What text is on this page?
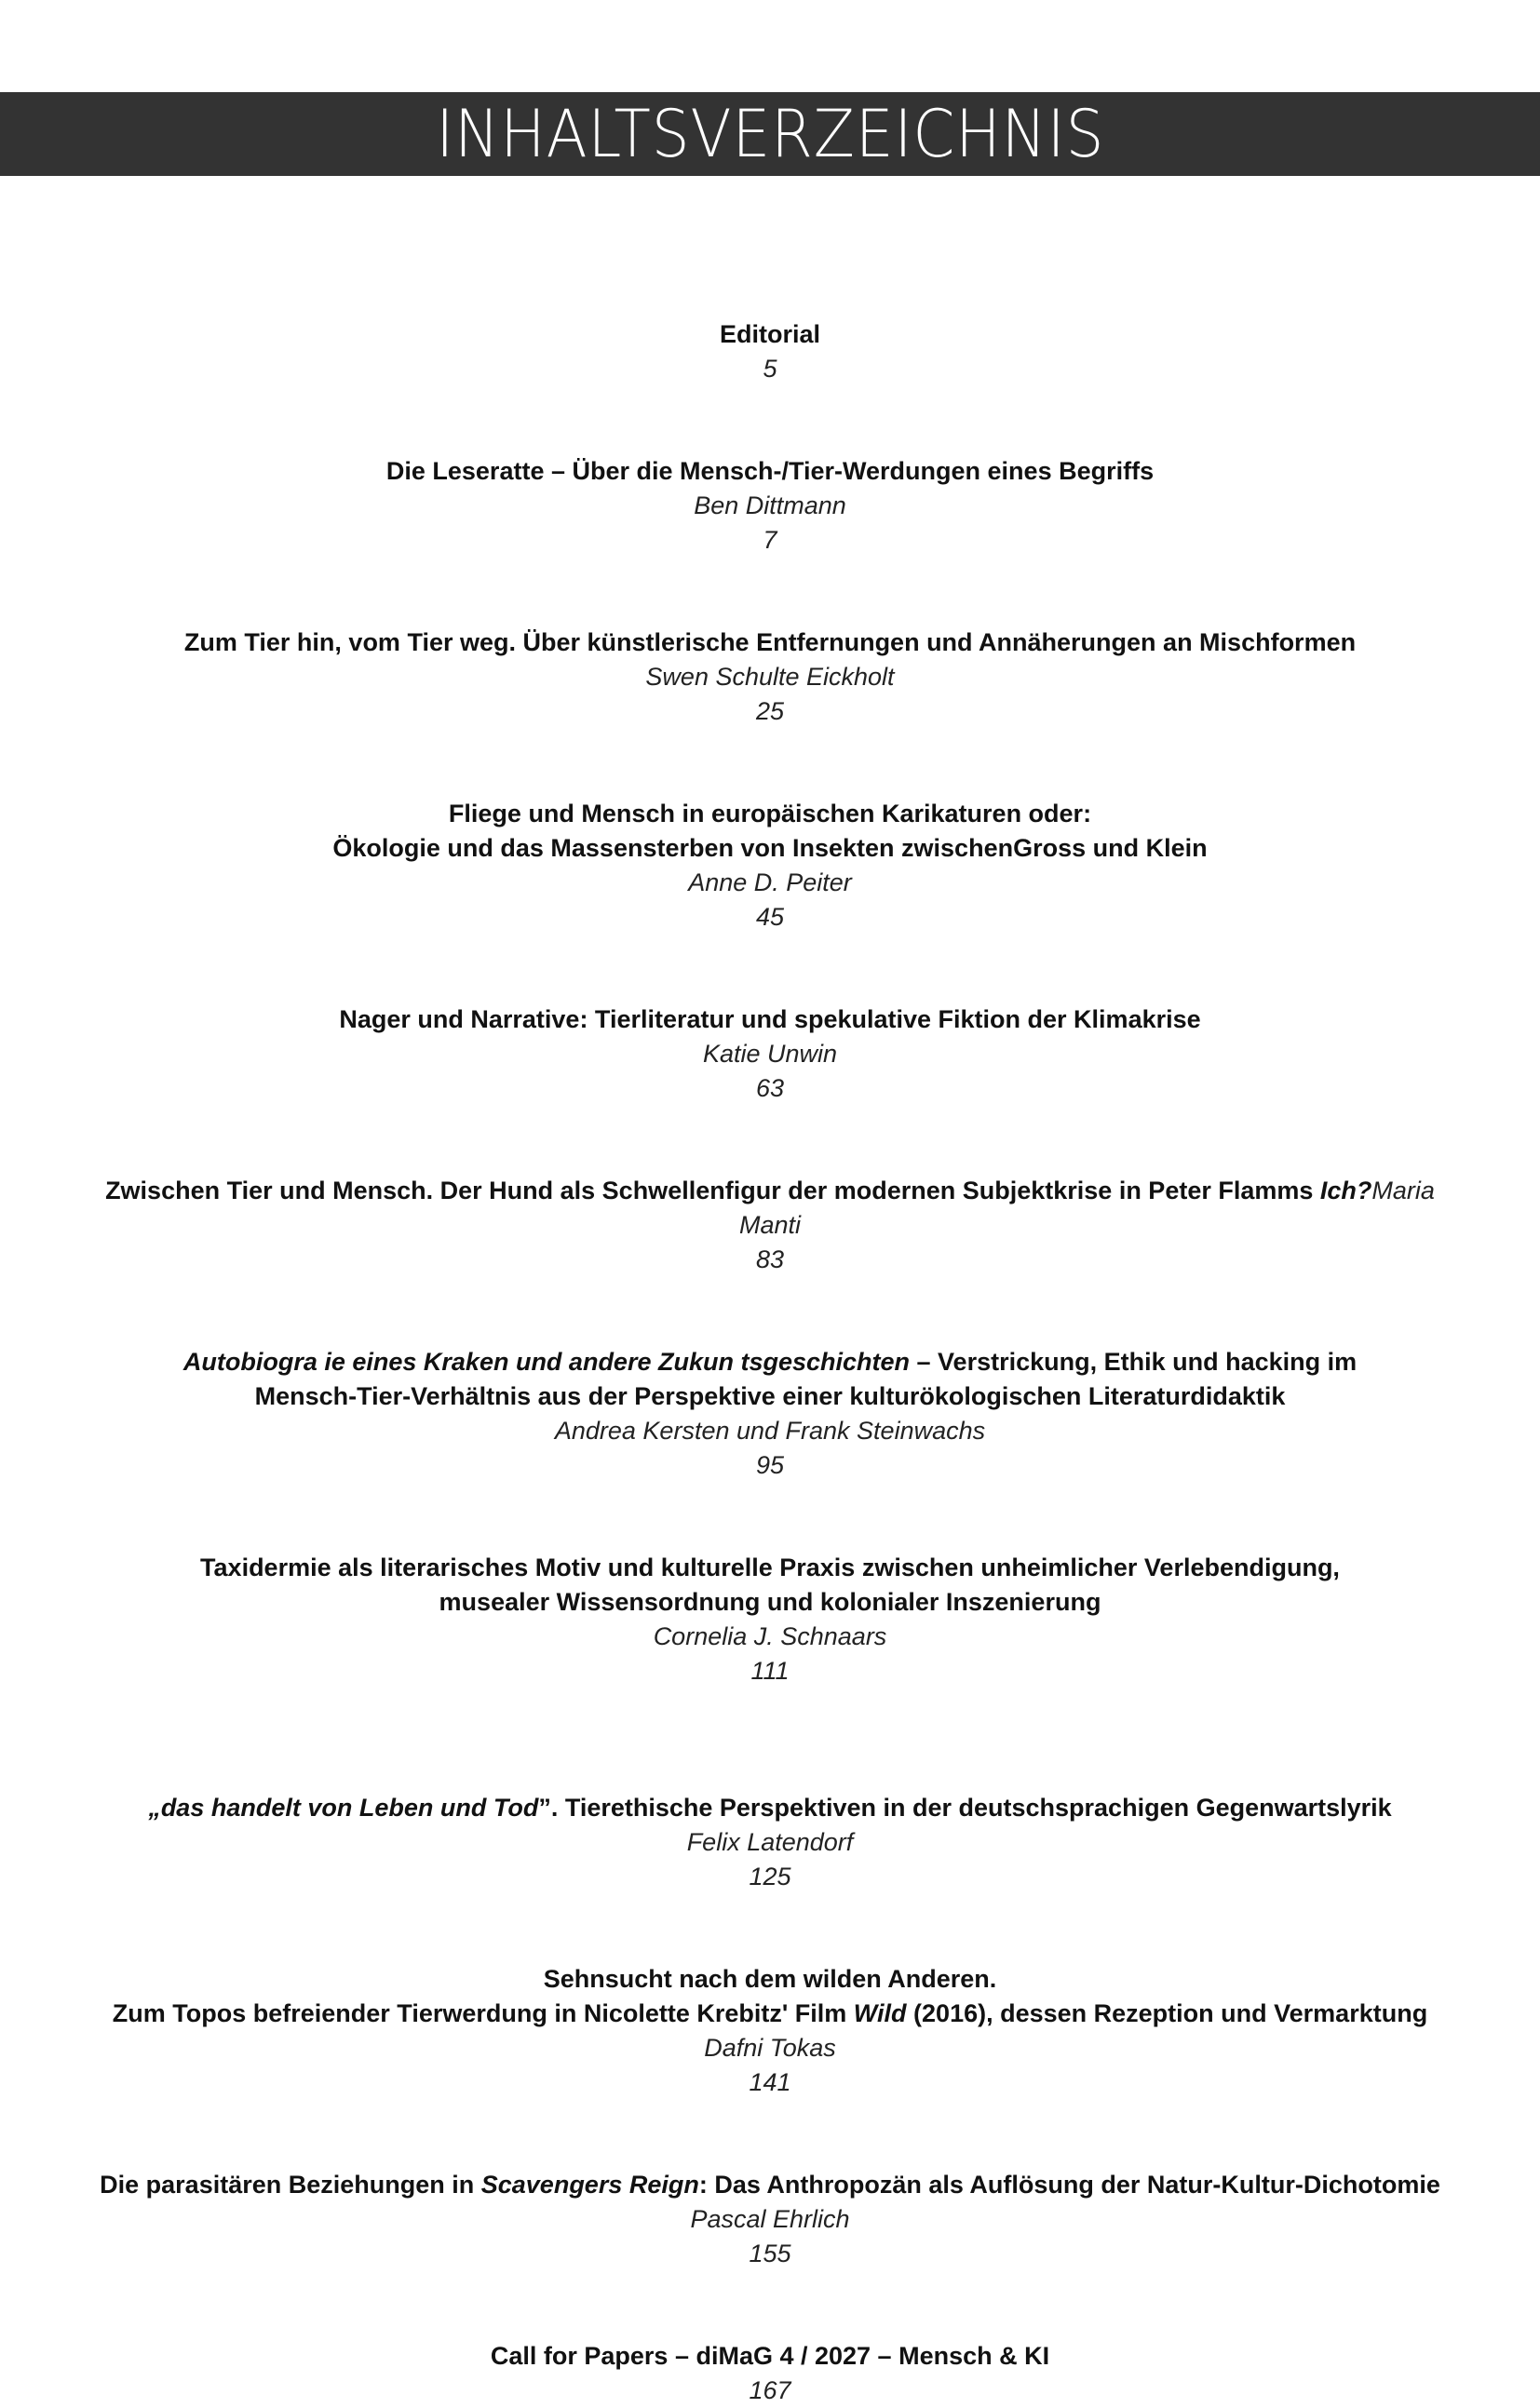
INHALTSVERZEICHNIS
Editorial
5
Die Leseratte – Über die Mensch-/Tier-Werdungen eines Begriffs
Ben Dittmann
7
Zum Tier hin, vom Tier weg. Über künstlerische Entfernungen und Annäherungen an Mischformen
Swen Schulte Eickholt
25
Fliege und Mensch in europäischen Karikaturen oder:
Ökologie und das Massensterben von Insekten zwischenGross und Klein
Anne D. Peiter
45
Nager und Narrative: Tierliteratur und spekulative Fiktion der Klimakrise
Katie Unwin
63
Zwischen Tier und Mensch. Der Hund als Schwellenfigur der modernen Subjektkrise in Peter Flamms Ich?Maria
Manti
83
Autobiogra ie eines Kraken und andere Zukun tsgeschichten – Verstrickung, Ethik und hacking im
Mensch-Tier-Verhältnis aus der Perspektive einer kulturökologischen Literaturdidaktik
Andrea Kersten und Frank Steinwachs
95
Taxidermie als literarisches Motiv und kulturelle Praxis zwischen unheimlicher Verlebendigung,
musealer Wissensordnung und kolonialer Inszenierung
Cornelia J. Schnaars
111
„das handelt von Leben und Tod”. Tierethische Perspektiven in der deutschsprachigen Gegenwartslyrik
Felix Latendorf
125
Sehnsucht nach dem wilden Anderen.
Zum Topos befreiender Tierwerdung in Nicolette Krebitz' Film Wild (2016), dessen Rezeption und Vermarktung
Dafni Tokas
141
Die parasitären Beziehungen in Scavengers Reign: Das Anthropozän als Auflösung der Natur-Kultur-Dichotomie
Pascal Ehrlich
155
Call for Papers – diMaG 4 / 2027 – Mensch & KI
167
